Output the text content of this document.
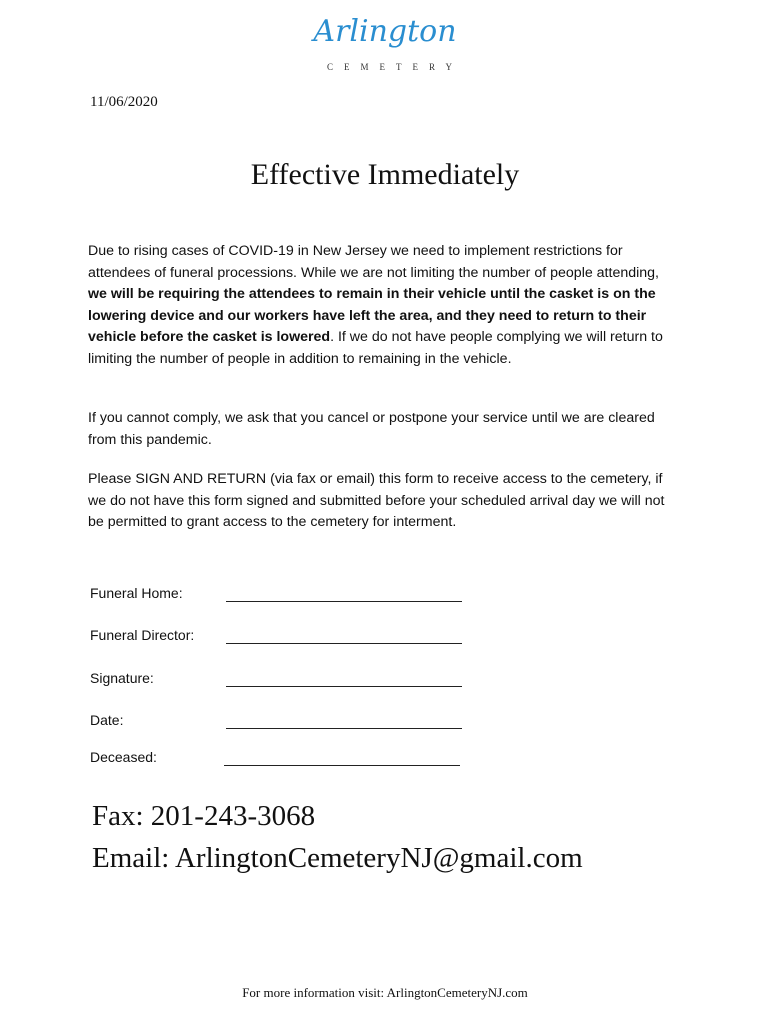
Arlington
CEMETERY
11/06/2020
Effective Immediately

Due to rising cases of COVID-19 in New Jersey we need to implement restrictions for attendees of funeral processions. While we are not limiting the number of people attending, we will be requiring the attendees to remain in their vehicle until the casket is on the lowering device and our workers have left the area, and they need to return to their vehicle before the casket is lowered. If we do not have people complying we will return to limiting the number of people in addition to remaining in the vehicle.

If you cannot comply, we ask that you cancel or postpone your service until we are cleared from this pandemic.

Please SIGN AND RETURN (via fax or email) this form to receive access to the cemetery, if we do not have this form signed and submitted before your scheduled arrival day we will not be permitted to grant access to the cemetery for interment.

Funeral Home:
Funeral Director:
Signature:
Date:
Deceased:
Fax: 201-243-3068
Email: ArlingtonCemeteryNJ@gmail.com
For more information visit: ArlingtonCemeteryNJ.com
